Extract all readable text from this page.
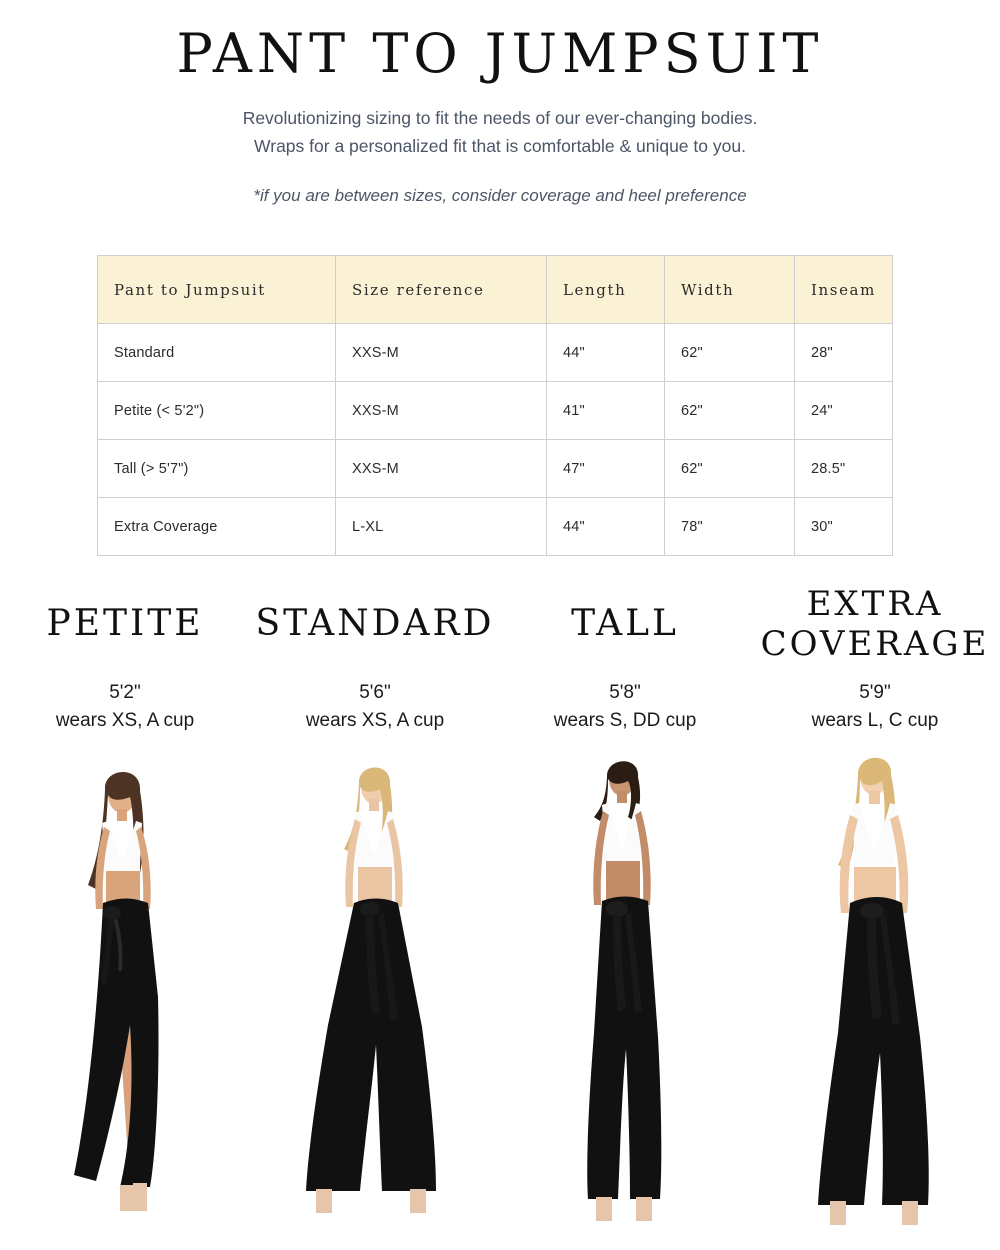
PANT TO JUMPSUIT

Revolutionizing sizing to fit the needs of our ever-changing bodies.
Wraps for a personalized fit that is comfortable & unique to you.

*if you are between sizes, consider coverage and heel preference

Pant to Jumpsuit	Size reference	Length	Width	Inseam
Standard	XXS-M	44"	62"	28"
Petite (< 5'2")	XXS-M	41"	62"	24"
Tall (> 5'7")	XXS-M	47"	62"	28.5"
Extra Coverage	L-XL	44"	78"	30"
PETITE
5'2"
wears XS, A cup
STANDARD
5'6"
wears XS, A cup
TALL
5'8"
wears S, DD cup
EXTRA COVERAGE
5'9"
wears L, C cup
